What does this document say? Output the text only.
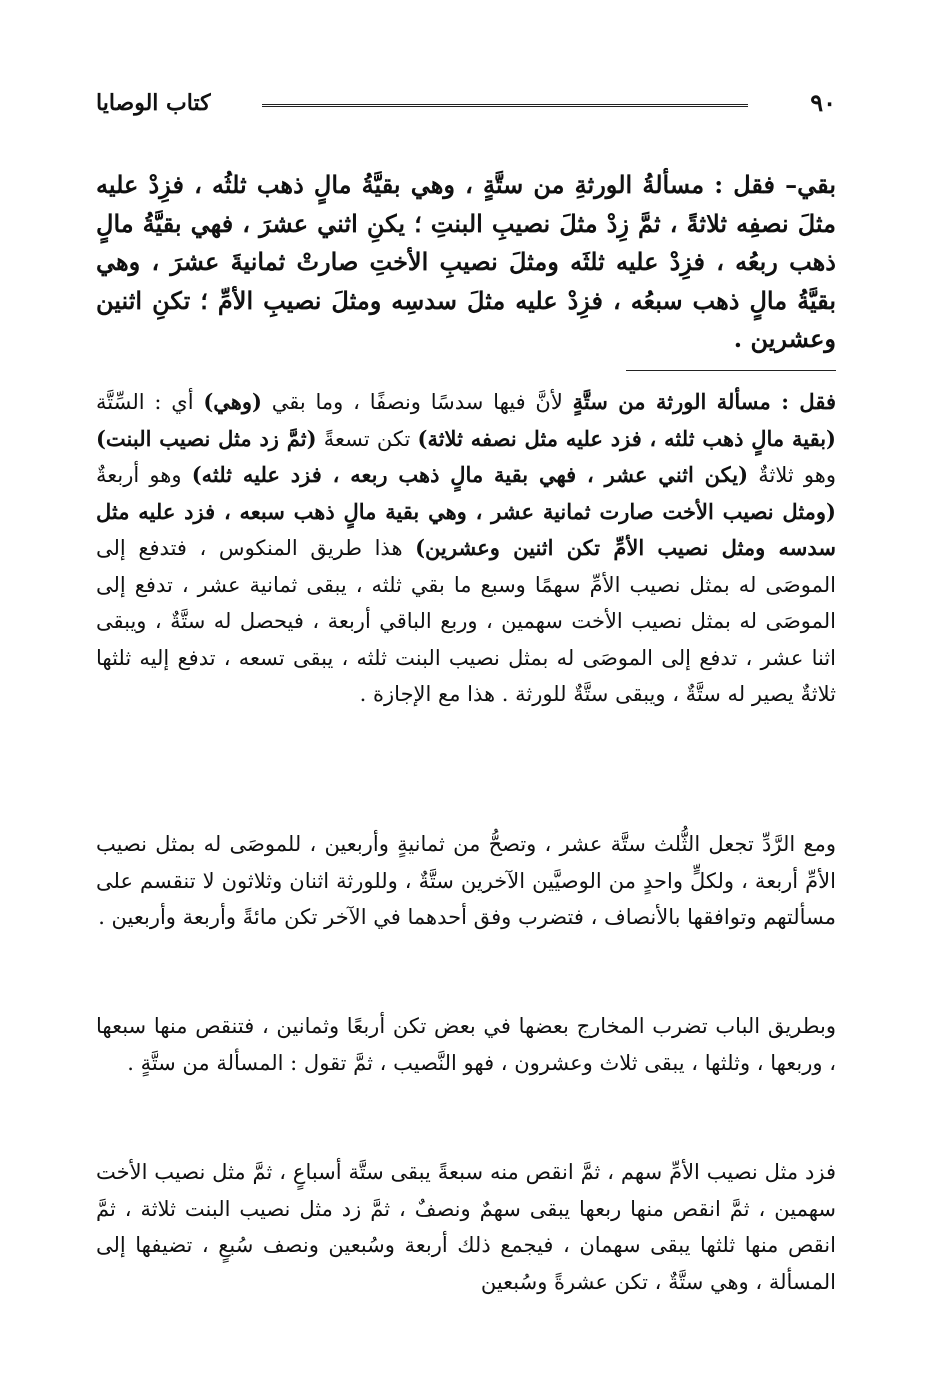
٩٠
كتاب الوصايا

بقي– فقل : مسألةُ الورثةِ من ستَّةٍ ، وهي بقيَّةُ مالٍ ذهب ثلثُه ، فزِدْ عليه مثلَ نصفِه ثلاثةً ، ثمَّ زِدْ مثلَ نصيبِ البنتِ ؛ يكنِ اثني عشرَ ، فهي بقيَّةُ مالٍ ذهب ربعُه ، فزِدْ عليه ثلثَه ومثلَ نصيبِ الأختِ صارتْ ثمانيةَ عشرَ ، وهي بقيَّةُ مالٍ ذهب سبعُه ، فزِدْ عليه مثلَ سدسِه ومثلَ نصيبِ الأمِّ ؛ تكنِ اثنين وعشرين .

فقل : مسألة الورثة من ستَّةٍ لأنَّ فيها سدسًا ونصفًا ، وما بقي (وهي) أي : السِّتَّة (بقية مالٍ ذهب ثلثه ، فزد عليه مثل نصفه ثلاثة) تكن تسعةً (ثمَّ زد مثل نصيب البنت) وهو ثلاثةٌ (يكن اثني عشر ، فهي بقية مالٍ ذهب ربعه ، فزد عليه ثلثه) وهو أربعةٌ (ومثل نصيب الأخت صارت ثمانية عشر ، وهي بقية مالٍ ذهب سبعه ، فزد عليه مثل سدسه ومثل نصيب الأمِّ تكن اثنين وعشرين) هذا طريق المنكوس ، فتدفع إلى الموصَى له بمثل نصيب الأمِّ سهمًا وسبع ما بقي ثلثه ، يبقى ثمانية عشر ، تدفع إلى الموصَى له بمثل نصيب الأخت سهمين ، وربع الباقي أربعة ، فيحصل له ستَّةٌ ، ويبقى اثنا عشر ، تدفع إلى الموصَى له بمثل نصيب البنت ثلثه ، يبقى تسعه ، تدفع إليه ثلثها ثلاثةٌ يصير له ستَّةٌ ، ويبقى ستَّةٌ للورثة . هذا مع الإجازة .

ومع الرَّدِّ تجعل الثُّلث ستَّة عشر ، وتصحُّ من ثمانيةٍ وأربعين ، للموصَى له بمثل نصيب الأمِّ أربعة ، ولكلٍّ واحدٍ من الوصيَّين الآخرين ستَّةٌ ، وللورثة اثنان وثلاثون لا تنقسم على مسألتهم وتوافقها بالأنصاف ، فتضرب وفق أحدهما في الآخر تكن مائةً وأربعة وأربعين .

وبطريق الباب تضرب المخارج بعضها في بعض تكن أربعًا وثمانين ، فتنقص منها سبعها ، وربعها ، وثلثها ، يبقى ثلاث وعشرون ، فهو النَّصيب ، ثمَّ تقول : المسألة من ستَّةٍ .

فزد مثل نصيب الأمِّ سهم ، ثمَّ انقص منه سبعةً يبقى ستَّة أسباعٍ ، ثمَّ مثل نصيب الأخت سهمين ، ثمَّ انقص منها ربعها يبقى سهمٌ ونصفٌ ، ثمَّ زد مثل نصيب البنت ثلاثة ، ثمَّ انقص منها ثلثها يبقى سهمان ، فيجمع ذلك أربعة وسُبعين ونصف سُبعٍ ، تضيفها إلى المسألة ، وهي ستَّةٌ ، تكن عشرةً وسُبعين
